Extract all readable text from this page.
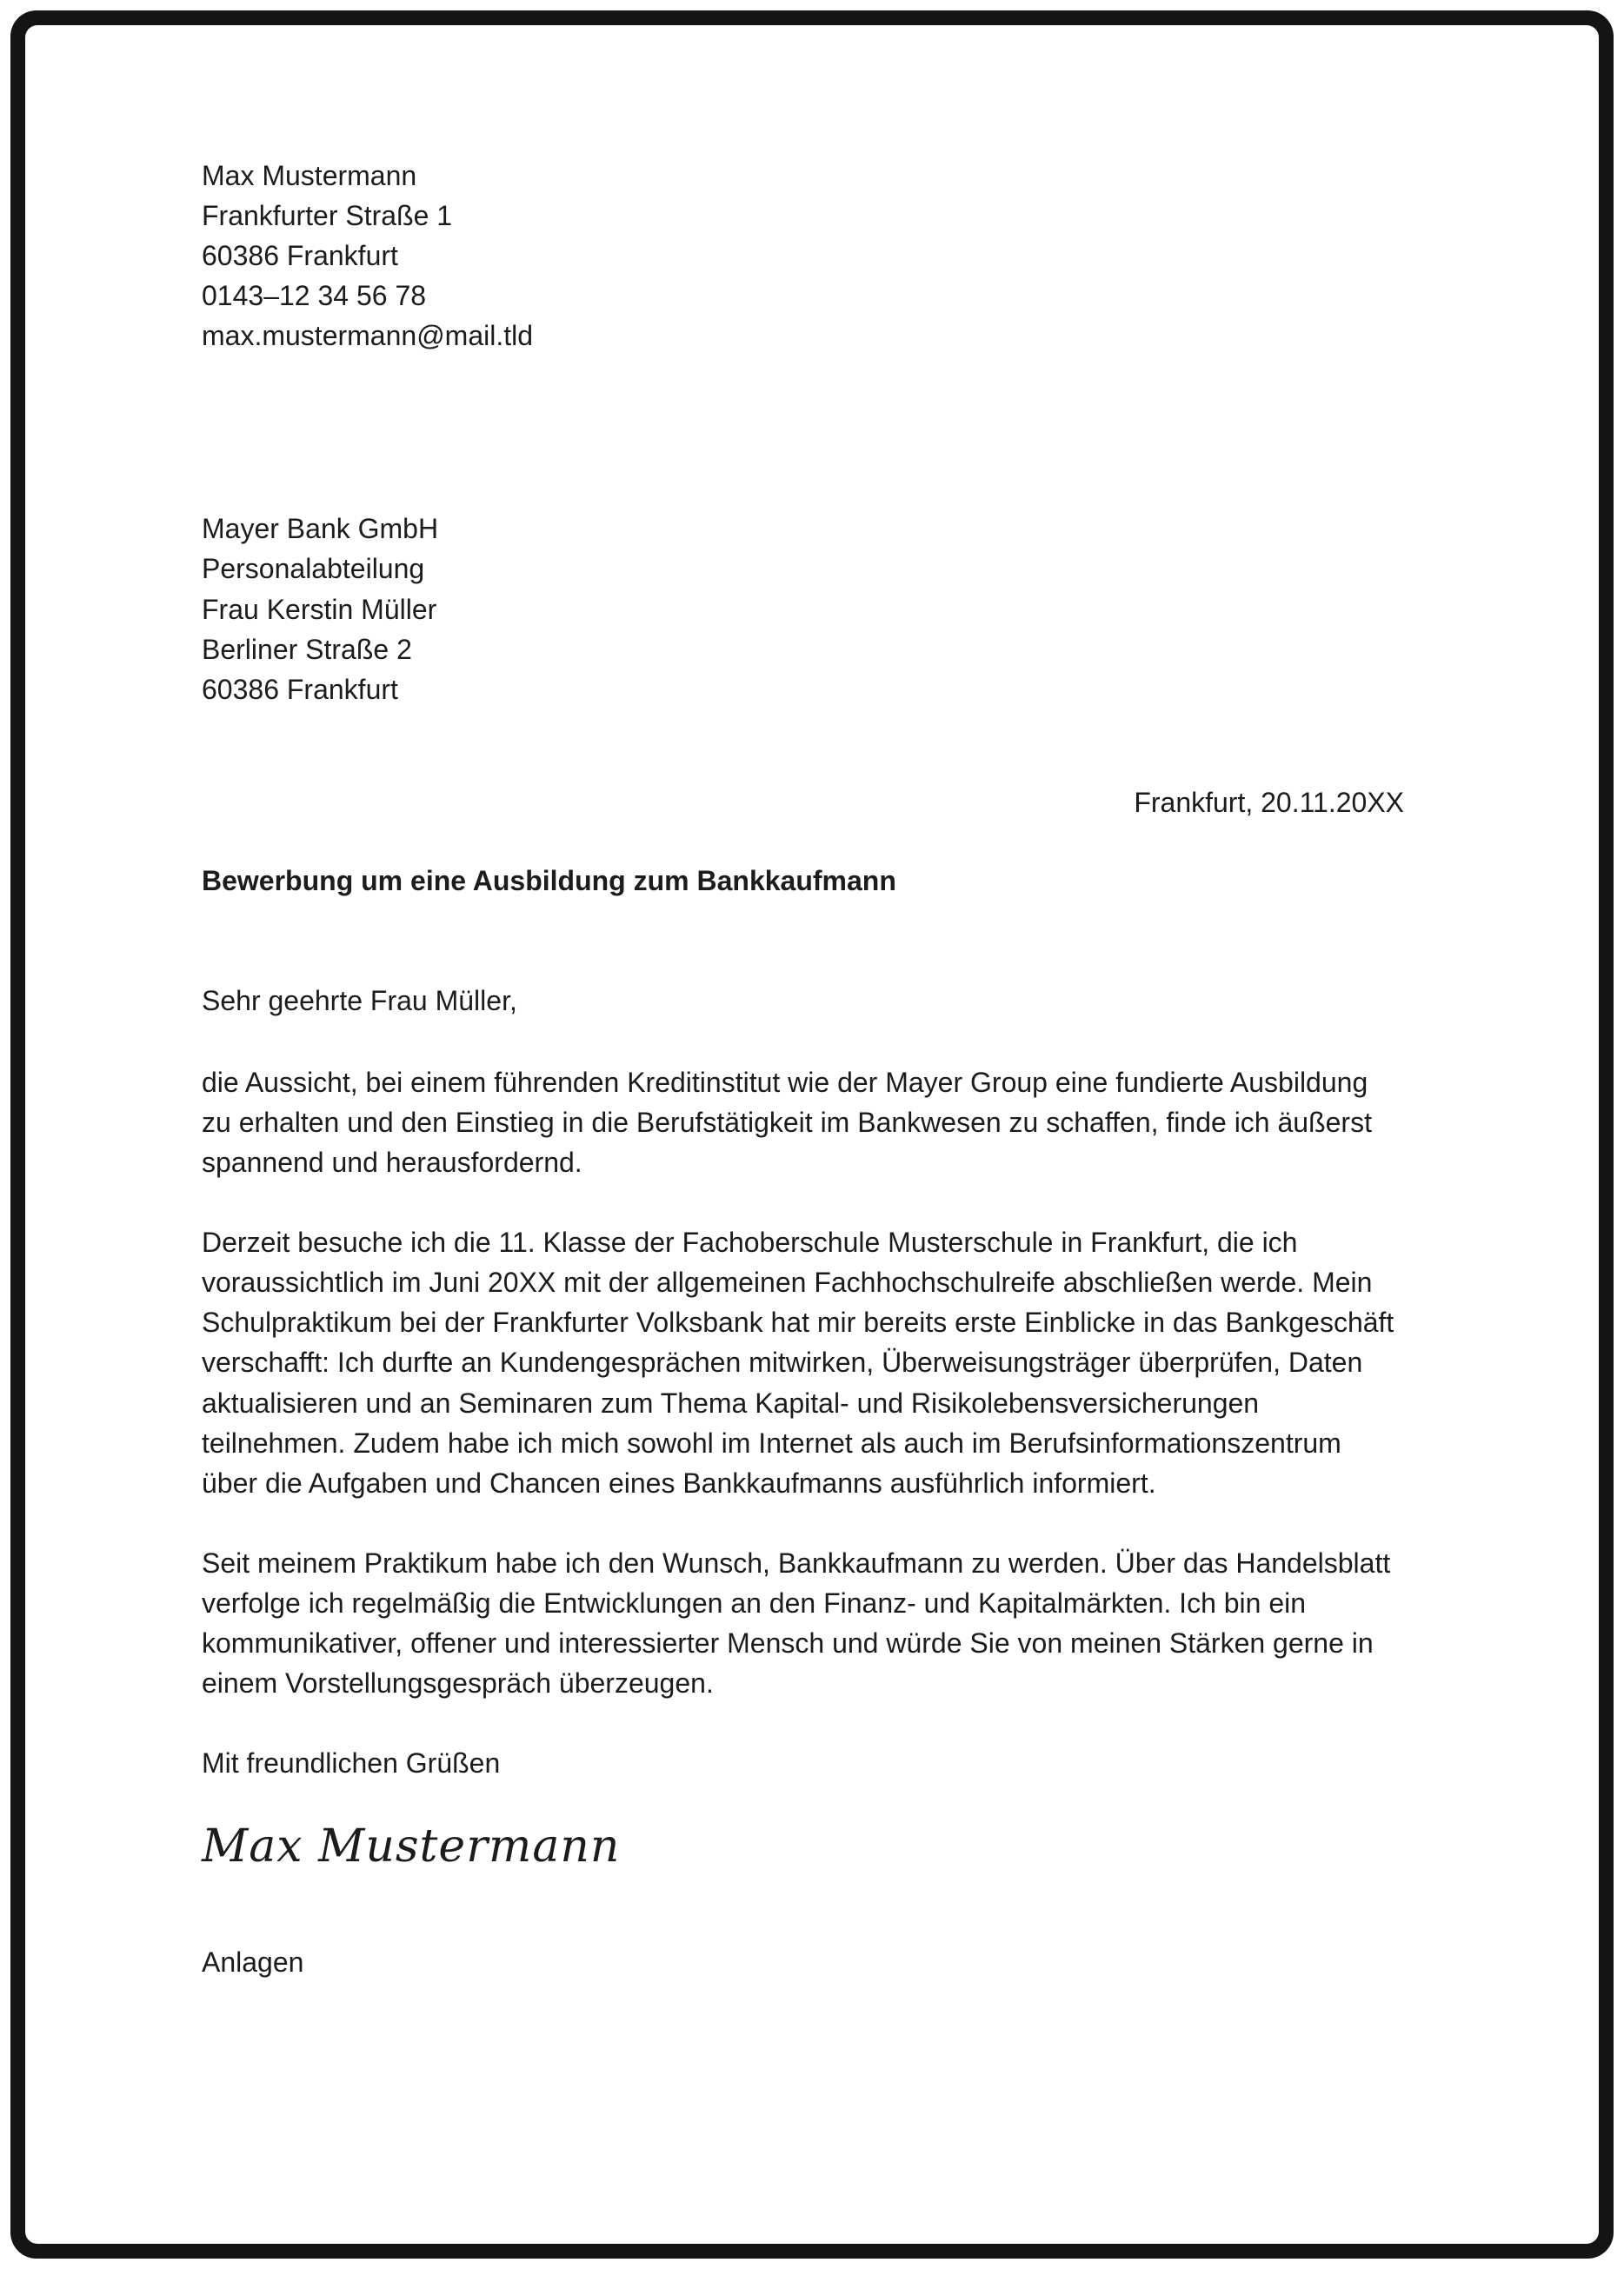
Max Mustermann
Frankfurter Straße 1
60386 Frankfurt
0143–12 34 56 78
max.mustermann@mail.tld
Mayer Bank GmbH
Personalabteilung
Frau Kerstin Müller
Berliner Straße 2
60386 Frankfurt
Frankfurt, 20.11.20XX
Bewerbung um eine Ausbildung zum Bankkaufmann
Sehr geehrte Frau Müller,

die Aussicht, bei einem führenden Kreditinstitut wie der Mayer Group eine fundierte Ausbildung zu erhalten und den Einstieg in die Berufstätigkeit im Bankwesen zu schaffen, finde ich äußerst spannend und herausfordernd.

Derzeit besuche ich die 11. Klasse der Fachoberschule Musterschule in Frankfurt, die ich voraussichtlich im Juni 20XX mit der allgemeinen Fachhochschulreife abschließen werde. Mein Schulpraktikum bei der Frankfurter Volksbank hat mir bereits erste Einblicke in das Bankgeschäft verschafft: Ich durfte an Kundengesprächen mitwirken, Überweisungsträger überprüfen, Daten aktualisieren und an Seminaren zum Thema Kapital- und Risikolebensversicherungen teilnehmen. Zudem habe ich mich sowohl im Internet als auch im Berufsinformationszentrum über die Aufgaben und Chancen eines Bankkaufmanns ausführlich informiert.

Seit meinem Praktikum habe ich den Wunsch, Bankkaufmann zu werden. Über das Handelsblatt verfolge ich regelmäßig die Entwicklungen an den Finanz- und Kapitalmärkten. Ich bin ein kommunikativer, offener und interessierter Mensch und würde Sie von meinen Stärken gerne in einem Vorstellungsgespräch überzeugen.

Mit freundlichen Grüßen
Max Mustermann
Anlagen
